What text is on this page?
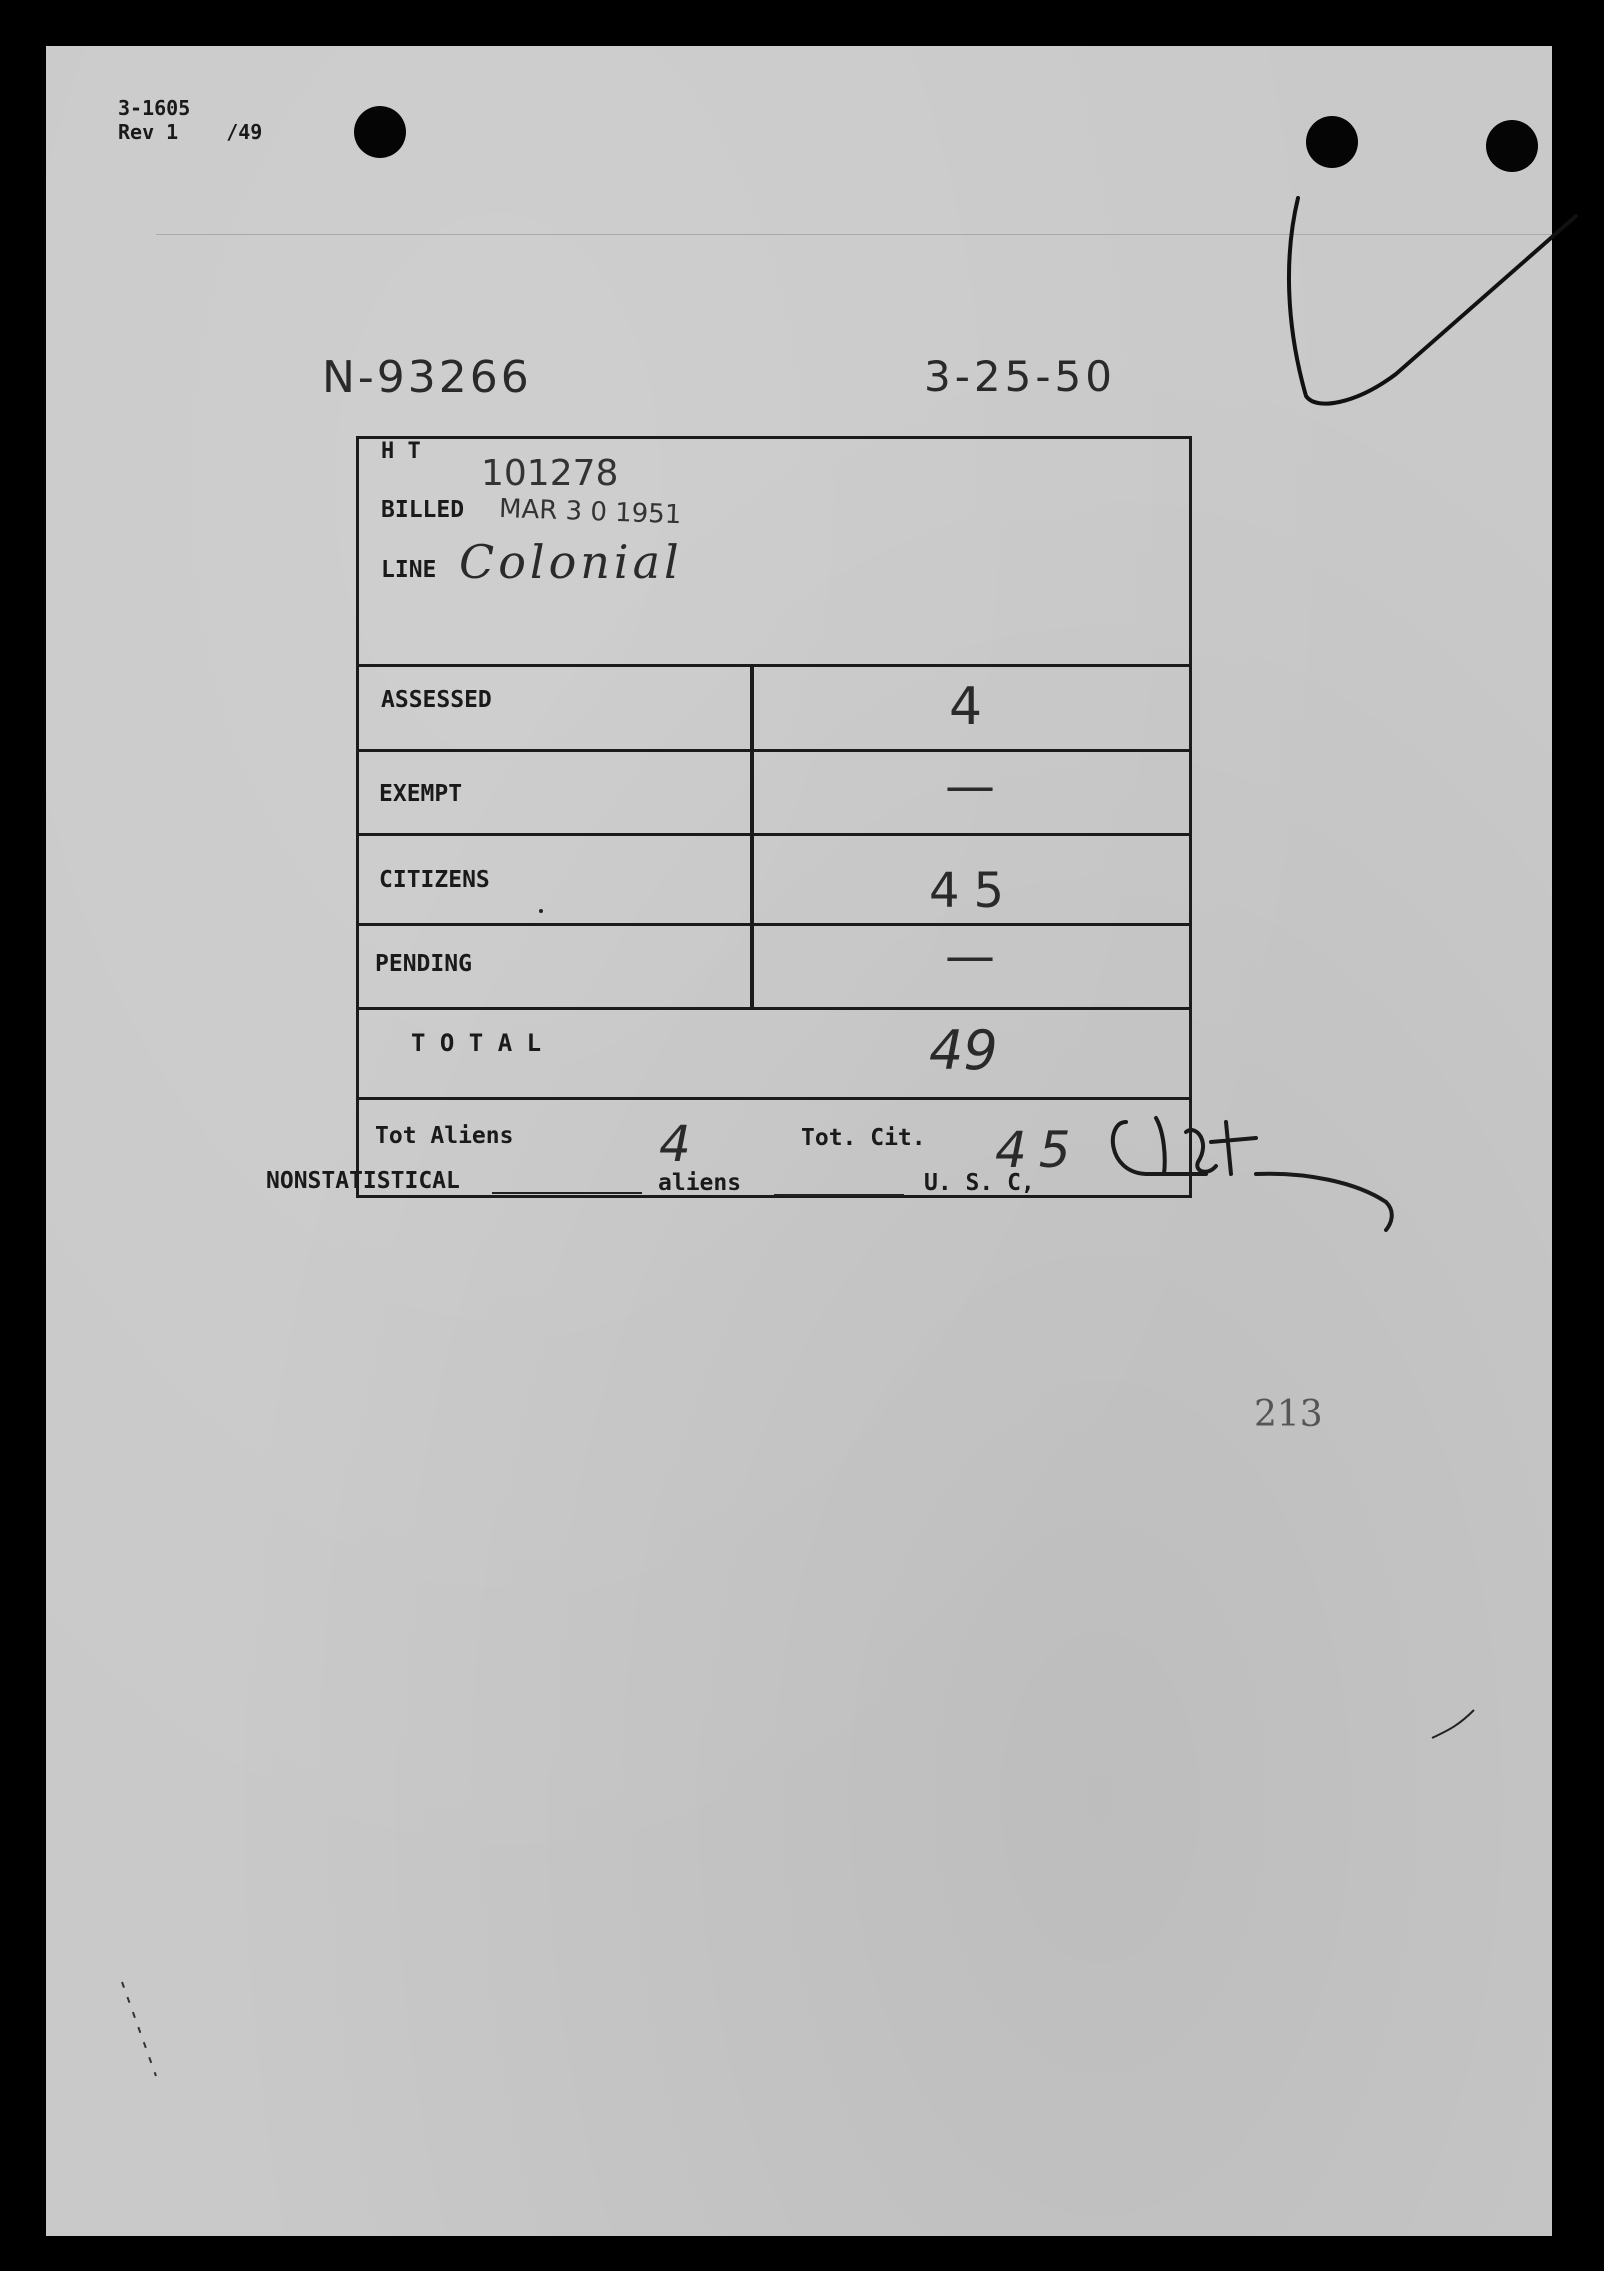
3-1605
Rev 1 /49
N-93266	3-25-50
H T
101278
BILLED MAR 3 0 1951
LINE Colonial
ASSESSED	4
EXEMPT	—
CITIZENS	45
PENDING	—
T O T A L	49
Tot Aliens	4	Tot. Cit. 45
NONSTATISTICAL	aliens	U. S. C,
213
